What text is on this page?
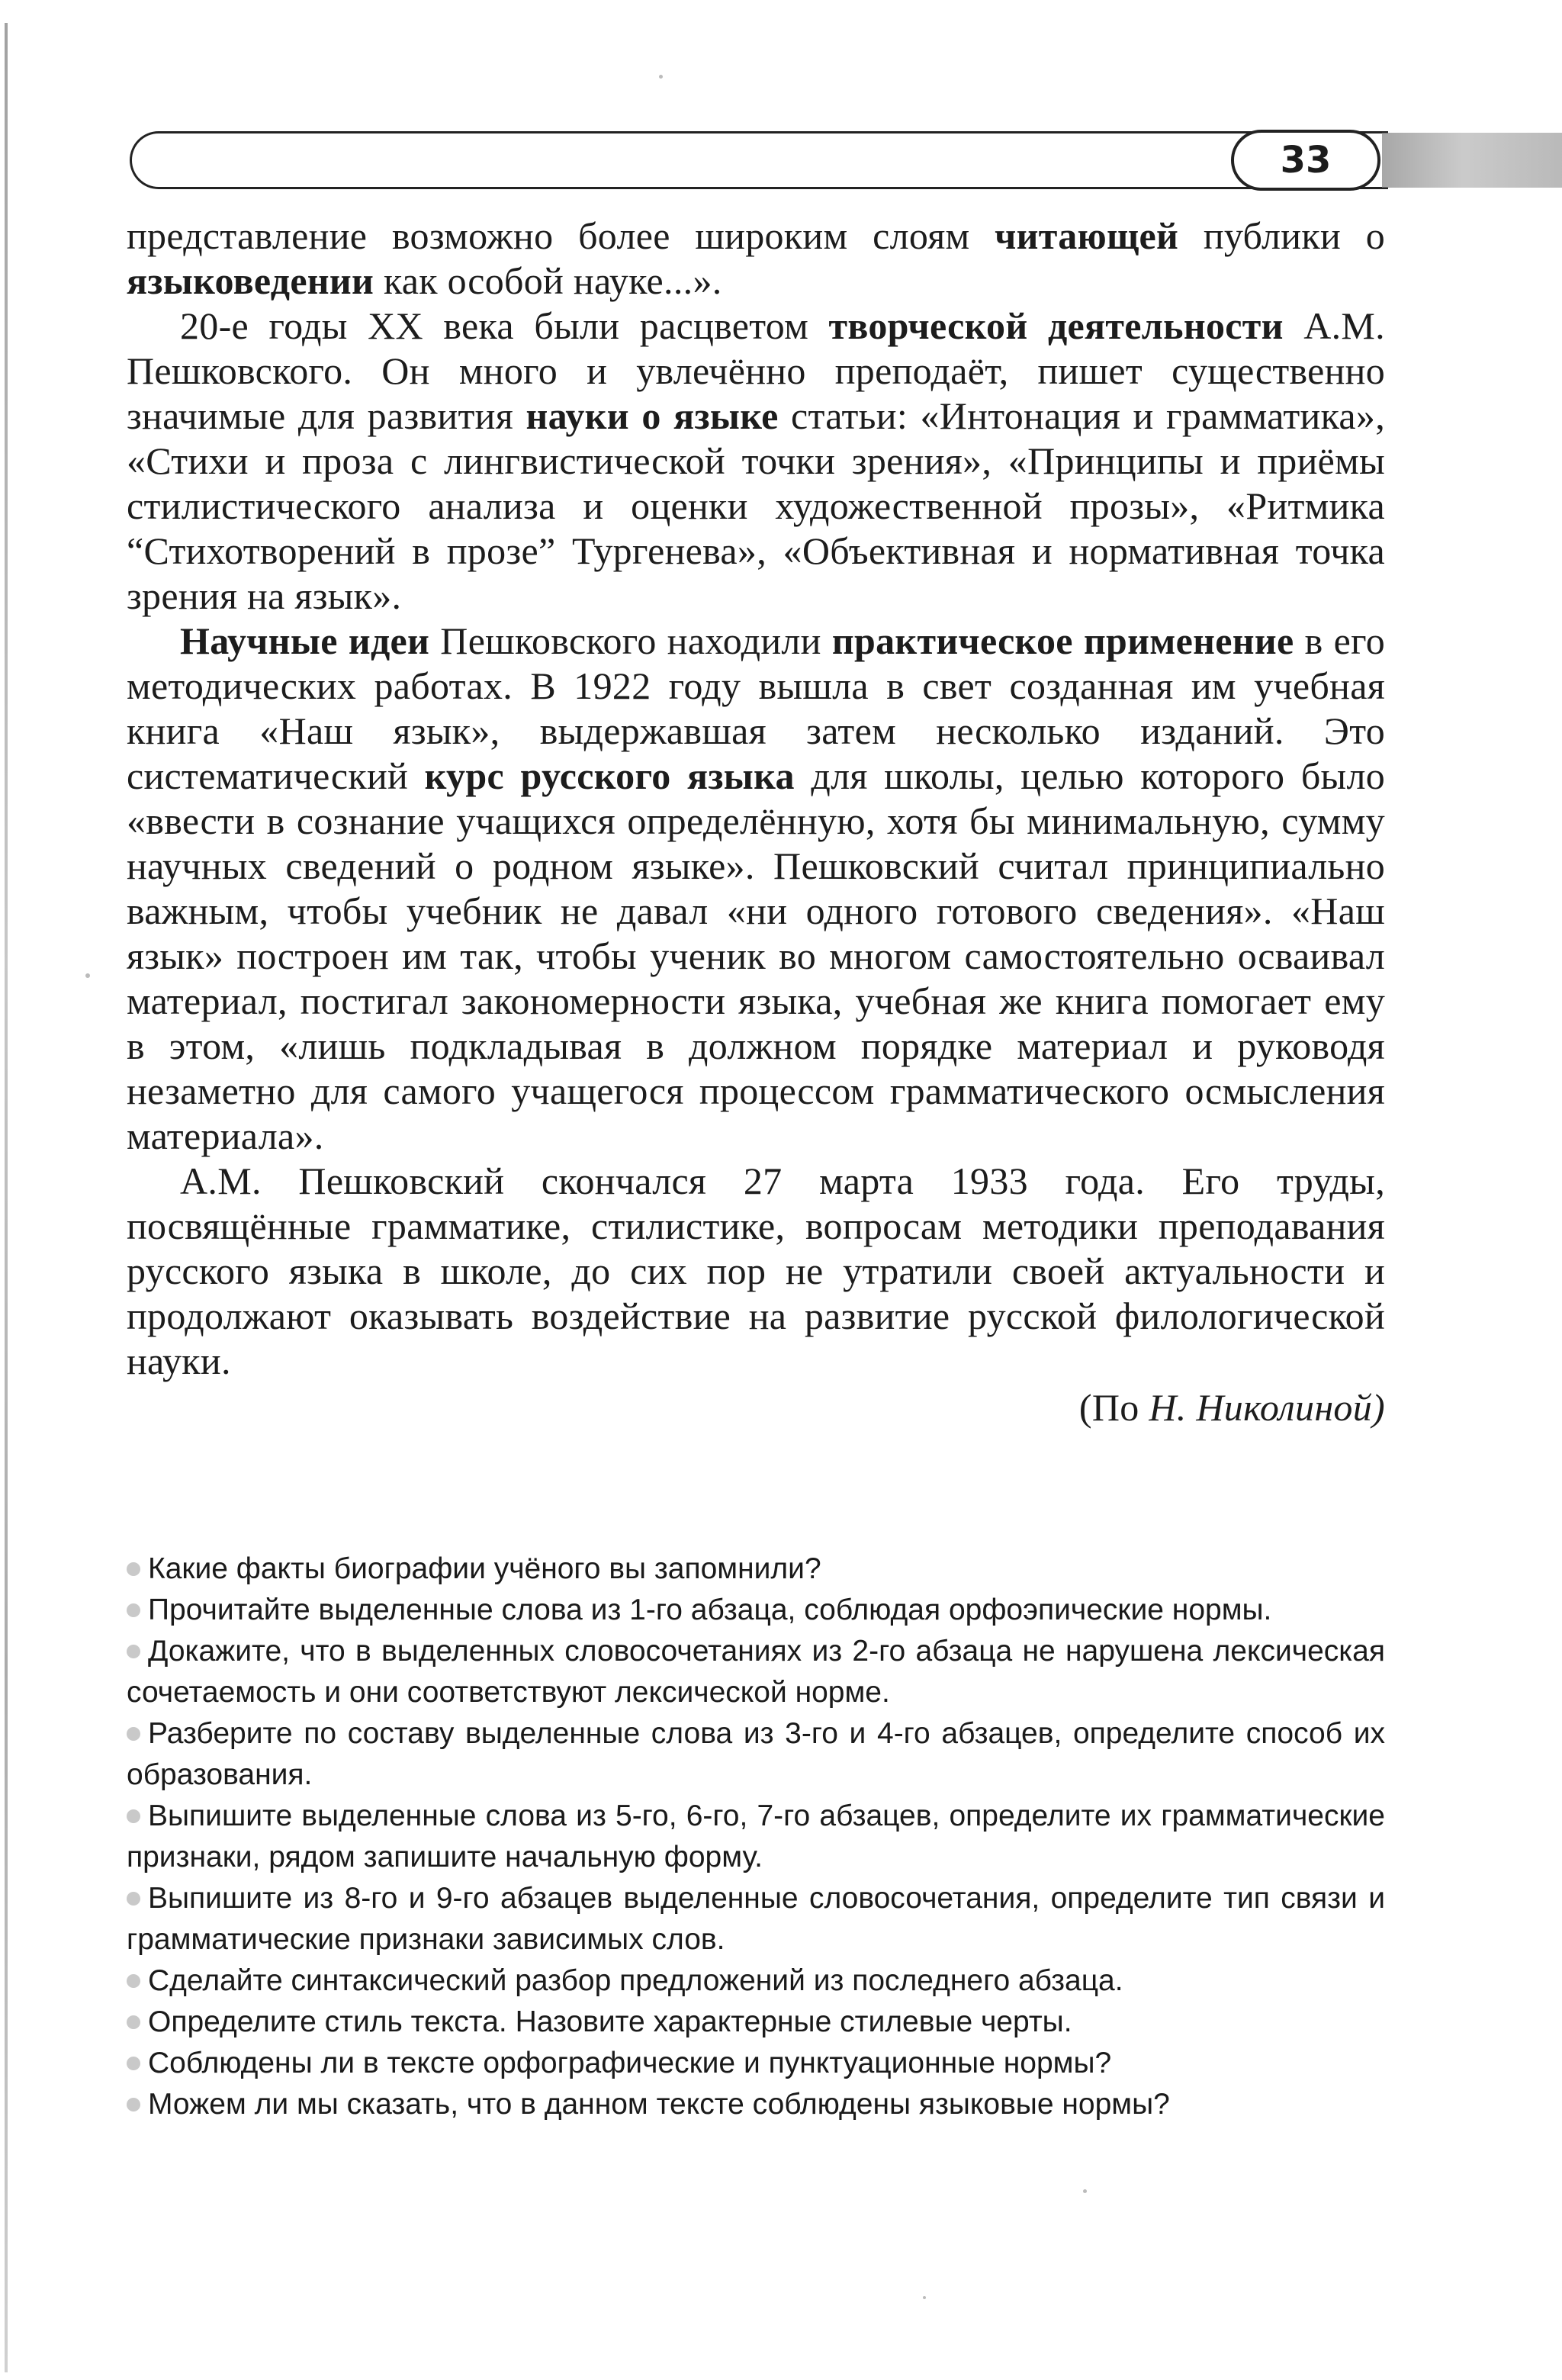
33

представление возможно более широким слоям читающей публики о языковедении как особой науке...».

20-е годы XX века были расцветом творческой деятельности А.М. Пешковского. Он много и увлечённо преподаёт, пишет существенно значимые для развития науки о языке статьи: «Интонация и грамматика», «Стихи и проза с лингвистической точки зрения», «Принципы и приёмы стилистического анализа и оценки художественной прозы», «Ритмика “Стихотворений в прозе” Тургенева», «Объективная и нормативная точка зрения на язык».

Научные идеи Пешковского находили практическое применение в его методических работах. В 1922 году вышла в свет созданная им учебная книга «Наш язык», выдержавшая затем несколько изданий. Это систематический курс русского языка для школы, целью которого было «ввести в сознание учащихся определённую, хотя бы минимальную, сумму научных сведений о родном языке». Пешковский считал принципиально важным, чтобы учебник не давал «ни одного готового сведения». «Наш язык» построен им так, чтобы ученик во многом самостоятельно осваивал материал, постигал закономерности языка, учебная же книга помогает ему в этом, «лишь подкладывая в должном порядке материал и руководя незаметно для самого учащегося процессом грамматического осмысления материала».

А.М. Пешковский скончался 27 марта 1933 года. Его труды, посвящённые грамматике, стилистике, вопросам методики преподавания русского языка в школе, до сих пор не утратили своей актуальности и продолжают оказывать воздействие на развитие русской филологической науки.

(По Н. Николиной)

Какие факты биографии учёного вы запомнили?

Прочитайте выделенные слова из 1-го абзаца, соблюдая орфоэпические нормы.

Докажите, что в выделенных словосочетаниях из 2-го абзаца не нарушена лексическая сочетаемость и они соответствуют лексической норме.

Разберите по составу выделенные слова из 3-го и 4-го абзацев, определите способ их образования.

Выпишите выделенные слова из 5-го, 6-го, 7-го абзацев, определите их грамматические признаки, рядом запишите начальную форму.

Выпишите из 8-го и 9-го абзацев выделенные словосочетания, определите тип связи и грамматические признаки зависимых слов.

Сделайте синтаксический разбор предложений из последнего абзаца.

Определите стиль текста. Назовите характерные стилевые черты.

Соблюдены ли в тексте орфографические и пунктуационные нормы?

Можем ли мы сказать, что в данном тексте соблюдены языковые нормы?
